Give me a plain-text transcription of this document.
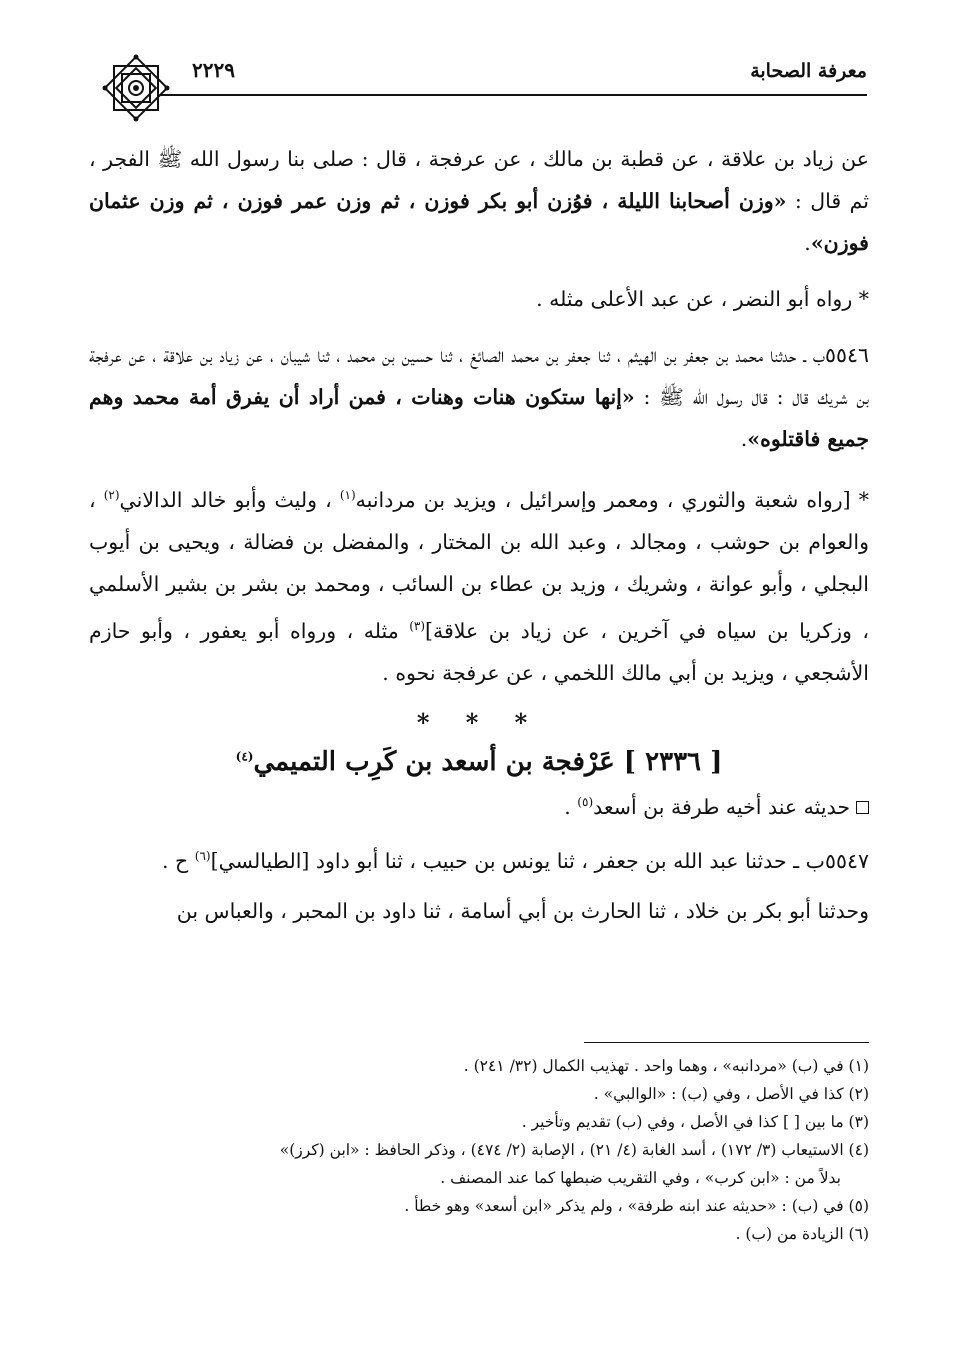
معرفة الصحابة
٢٢٢٩

عن زياد بن علاقة ، عن قطبة بن مالك ، عن عرفجة ، قال : صلى بنا رسول الله ﷺ الفجر ، ثم قال : «وزن أصحابنا الليلة ، فوُزن أبو بكر فوزن ، ثم وزن عمر فوزن ، ثم وزن عثمان فوزن».

* رواه أبو النضر ، عن عبد الأعلى مثله .

٥٥٤٦ب ـ حدثنا محمد بن جعفر بن الهيثم ، ثنا جعفر بن محمد الصائغ ، ثنا حسين بن محمد ، ثنا شيبان ، عن زياد بن علاقة ، عن عرفجة بن شريك قال : قال رسول الله ﷺ : «إنها ستكون هنات وهنات ، فمن أراد أن يفرق أمة محمد وهم جميع فاقتلوه».

* [رواه شعبة والثوري ، ومعمر وإسرائيل ، ويزيد بن مردانبه$^{(١)}$ ، وليث وأبو خالد الدالاني$^{(٢)}$ ، والعوام بن حوشب ، ومجالد ، وعبد الله بن المختار ، والمفضل بن فضالة ، ويحيى بن أيوب البجلي ، وأبو عوانة ، وشريك ، وزيد بن عطاء بن السائب ، ومحمد بن بشر بن بشير الأسلمي ، وزكريا بن سياه في آخرين ، عن زياد بن علاقة]$^{(٣)}$ مثله ، ورواه أبو يعفور ، وأبو حازم الأشجعي ، ويزيد بن أبي مالك اللخمي ، عن عرفجة نحوه .

* * *

[ ٢٣٣٦ ] عَرْفجة بن أسعد بن كَرِب التميمي$^{(٤)}$

حديثه عند أخيه طرفة بن أسعد$^{(٥)}$ .

٥٥٤٧ب ـ حدثنا عبد الله بن جعفر ، ثنا يونس بن حبيب ، ثنا أبو داود [الطيالسي]$^{(٦)}$ ح .

وحدثنا أبو بكر بن خلاد ، ثنا الحارث بن أبي أسامة ، ثنا داود بن المحبر ، والعباس بن

(١) في (ب) «مردانبه» ، وهما واحد . تهذيب الكمال (٣٢/ ٢٤١) .

(٢) كذا في الأصل ، وفي (ب) : «الوالبي» .

(٣) ما بين [ ] كذا في الأصل ، وفي (ب) تقديم وتأخير .

(٤) الاستيعاب (٣/ ١٧٢) ، أسد الغابة (٤/ ٢١) ، الإصابة (٢/ ٤٧٤) ، وذكر الحافظ : «ابن (كرز)»

بدلاً من : «ابن كرب» ، وفي التقريب ضبطها كما عند المصنف .

(٥) في (ب) : «حديثه عند ابنه طرفة» ، ولم يذكر «ابن أسعد» وهو خطأ .

(٦) الزيادة من (ب) .
